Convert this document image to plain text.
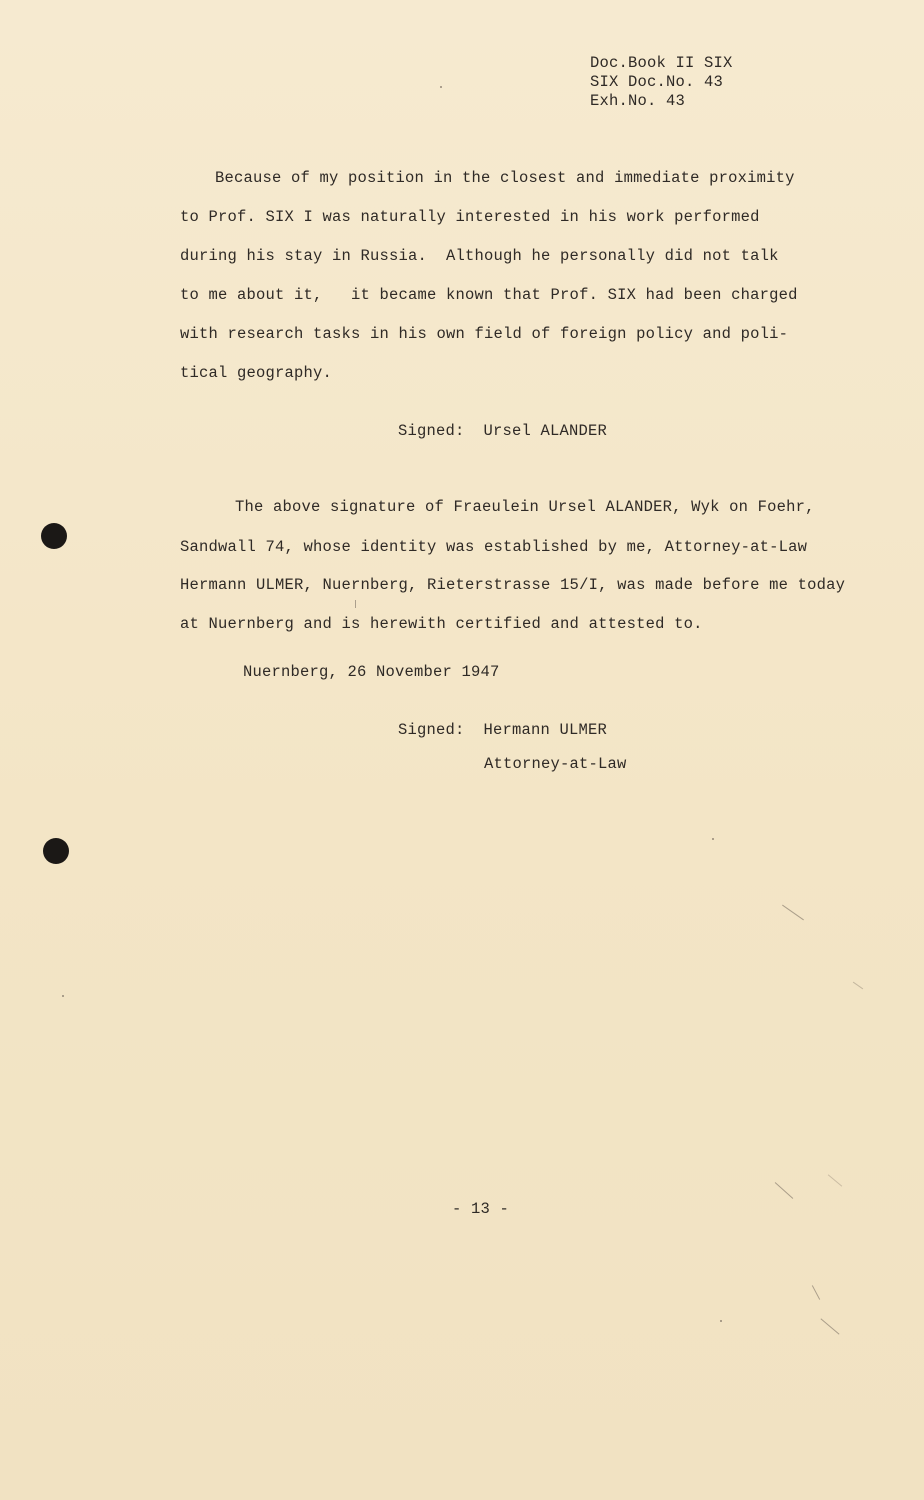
Doc.Book II SIX
SIX Doc.No. 43
Exh.No. 43
Because of my position in the closest and immediate proximity
to Prof. SIX I was naturally interested in his work performed
during his stay in Russia.  Although he personally did not talk
to me about it,   it became known that Prof. SIX had been charged
with research tasks in his own field of foreign policy and poli-
tical geography.
Signed:  Ursel ALANDER
The above signature of Fraeulein Ursel ALANDER, Wyk on Foehr,
Sandwall 74, whose identity was established by me, Attorney-at-Law
Hermann ULMER, Nuernberg, Rieterstrasse 15/I, was made before me today
at Nuernberg and is herewith certified and attested to.
Nuernberg, 26 November 1947
Signed:  Hermann ULMER
Attorney-at-Law
- 13 -
